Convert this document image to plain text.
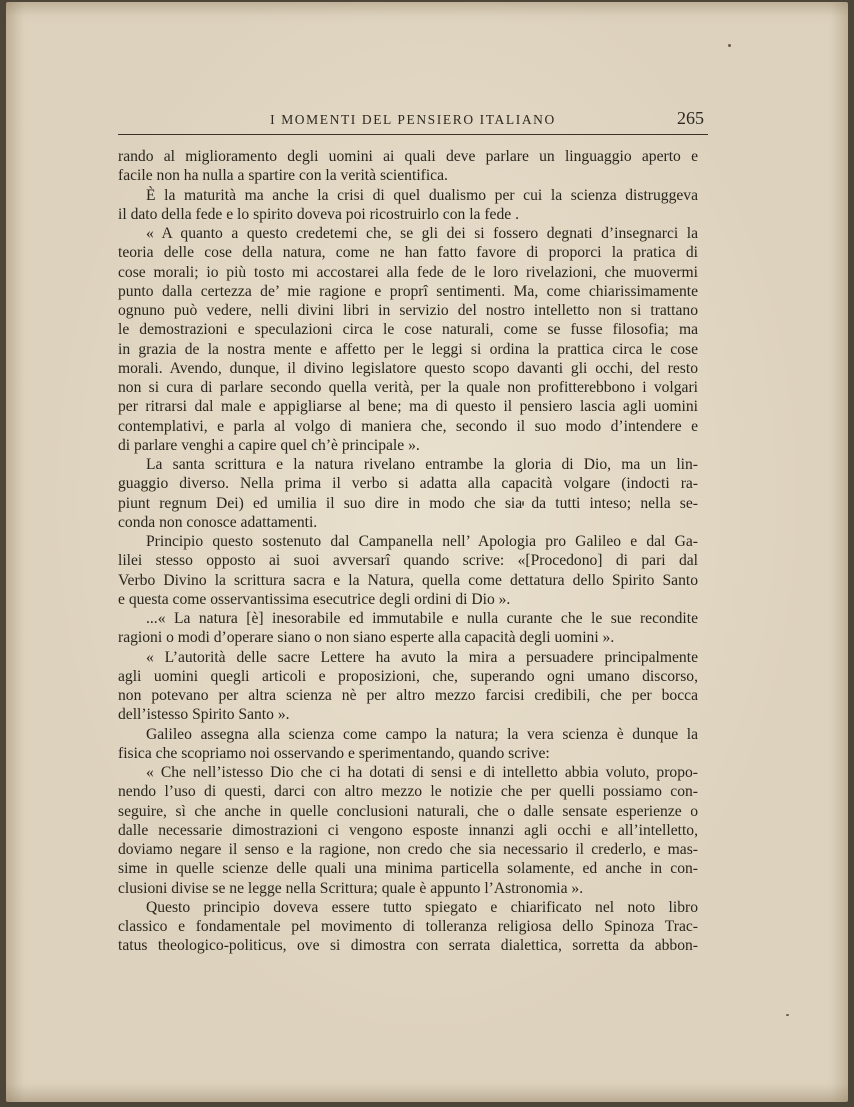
I MOMENTI DEL PENSIERO ITALIANO	265
rando al miglioramento degli uomini ai quali deve parlare un linguaggio aperto e
facile non ha nulla a spartire con la verità scientifica.
È la maturità ma anche la crisi di quel dualismo per cui la scienza distruggeva
il dato della fede e lo spirito doveva poi ricostruirlo con la fede .
« A quanto a questo credetemi che, se gli dei si fossero degnati d’insegnarci la
teoria delle cose della natura, come ne han fatto favore di proporci la pratica di
cose morali; io più tosto mi accostarei alla fede de le loro rivelazioni, che muovermi
punto dalla certezza de’ mie ragione e proprî sentimenti. Ma, come chiarissimamente
ognuno può vedere, nelli divini libri in servizio del nostro intelletto non si trattano
le demostrazioni e speculazioni circa le cose naturali, come se fusse filosofia; ma
in grazia de la nostra mente e affetto per le leggi si ordina la prattica circa le cose
morali. Avendo, dunque, il divino legislatore questo scopo davanti gli occhi, del resto
non si cura di parlare secondo quella verità, per la quale non profitterebbono i volgari
per ritrarsi dal male e appigliarse al bene; ma di questo il pensiero lascia agli uomini
contemplativi, e parla al volgo di maniera che, secondo il suo modo d’intendere e
di parlare venghi a capire quel ch’è principale ».
La santa scrittura e la natura rivelano entrambe la gloria di Dio, ma un lin-
guaggio diverso. Nella prima il verbo si adatta alla capacità volgare (indocti ra-
piunt regnum Dei) ed umilia il suo dire in modo che sia da tutti inteso; nella se-
conda non conosce adattamenti.
Principio questo sostenuto dal Campanella nell’ Apologia pro Galileo e dal Ga-
lilei stesso opposto ai suoi avversarî quando scrive: «[Procedono] di pari dal
Verbo Divino la scrittura sacra e la Natura, quella come dettatura dello Spirito Santo
e questa come osservantissima esecutrice degli ordini di Dio ».
...« La natura [è] inesorabile ed immutabile e nulla curante che le sue recondite
ragioni o modi d’operare siano o non siano esperte alla capacità degli uomini ».
« L’autorità delle sacre Lettere ha avuto la mira a persuadere principalmente
agli uomini quegli articoli e proposizioni, che, superando ogni umano discorso,
non potevano per altra scienza nè per altro mezzo farcisi credibili, che per bocca
dell’istesso Spirito Santo ».
Galileo assegna alla scienza come campo la natura; la vera scienza è dunque la
fisica che scopriamo noi osservando e sperimentando, quando scrive:
« Che nell’istesso Dio che ci ha dotati di sensi e di intelletto abbia voluto, propo-
nendo l’uso di questi, darci con altro mezzo le notizie che per quelli possiamo con-
seguire, sì che anche in quelle conclusioni naturali, che o dalle sensate esperienze o
dalle necessarie dimostrazioni ci vengono esposte innanzi agli occhi e all’intelletto,
doviamo negare il senso e la ragione, non credo che sia necessario il crederlo, e mas-
sime in quelle scienze delle quali una minima particella solamente, ed anche in con-
clusioni divise se ne legge nella Scrittura; quale è appunto l’Astronomia ».
Questo principio doveva essere tutto spiegato e chiarificato nel noto libro
classico e fondamentale pel movimento di tolleranza religiosa dello Spinoza Trac-
tatus theologico-politicus, ove si dimostra con serrata dialettica, sorretta da abbon-
